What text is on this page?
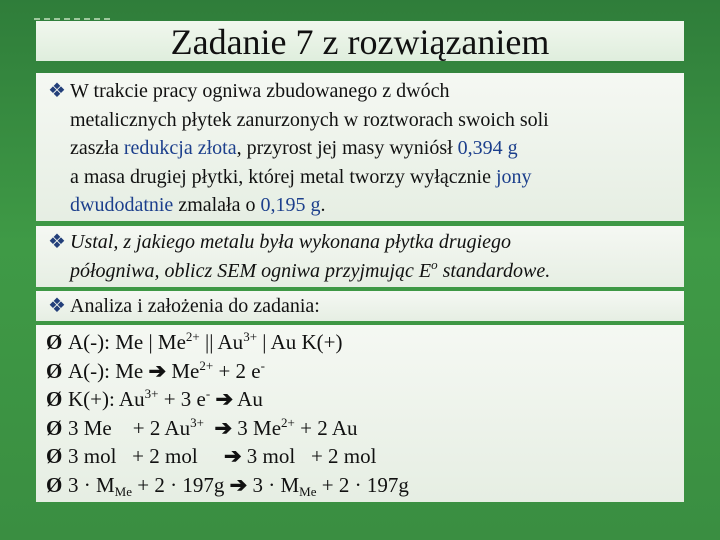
Zadanie 7 z rozwiązaniem
❖ W trakcie pracy ogniwa zbudowanego z dwóch
metalicznych płytek zanurzonych w roztworach swoich soli
zaszła redukcja złota, przyrost jej masy wyniósł 0,394 g
a masa drugiej płytki, której metal tworzy wyłącznie jony
dwudodatnie zmalała o 0,195 g.
❖ Ustal, z jakiego metalu była wykonana płytka drugiego
półogniwa, oblicz SEM ogniwa przyjmując $E^o$ standardowe.
❖ Analiza i założenia do zadania:
Ø A(-): Me | $Me^{2+}$ || $Au^{3+}$ | Au K(+)
Ø A(-): Me ➔ $Me^{2+} + 2$ e-
Ø K(+): $Au^{3+} + 3$ e- ➔ Au
Ø 3 Me    + 2 $Au^{3+}$ ➔ 3 $Me^{2+} + 2$ Au
Ø 3 mol   + 2 mol     ➔ 3 mol   + 2 mol
Ø $3 \cdot M_{Me} + 2 \cdot 197g$ ➔ $3 \cdot M_{Me} + 2 \cdot 197g$
